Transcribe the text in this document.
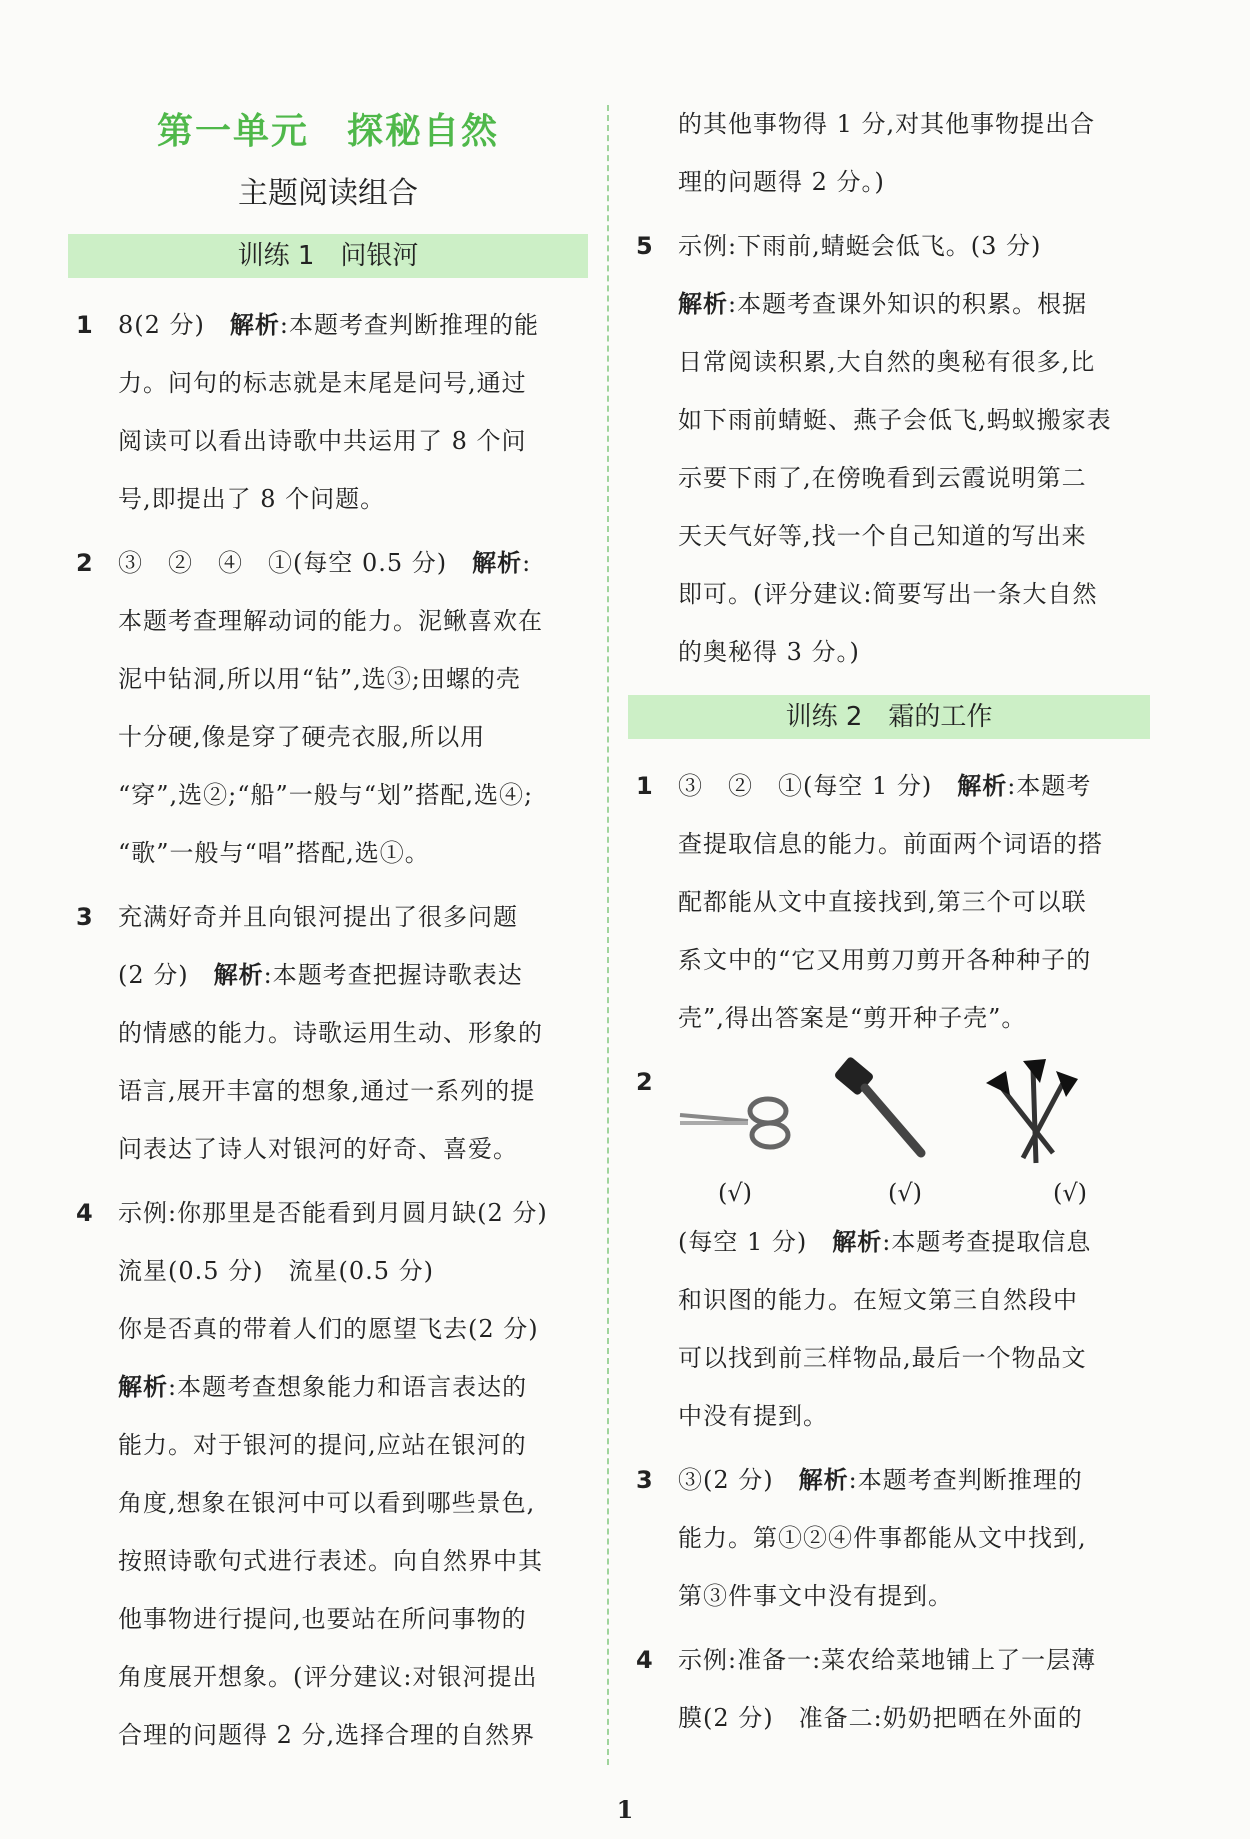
第一单元　探秘自然
主题阅读组合
训练 1　问银河
1 8(2 分)　解析:本题考查判断推理的能
力。问句的标志就是末尾是问号,通过
阅读可以看出诗歌中共运用了 8 个问
号,即提出了 8 个问题。
2 ③　②　④　①(每空 0.5 分)　解析:
本题考查理解动词的能力。泥鳅喜欢在
泥中钻洞,所以用“钻”,选③;田螺的壳
十分硬,像是穿了硬壳衣服,所以用
“穿”,选②;“船”一般与“划”搭配,选④;
“歌”一般与“唱”搭配,选①。
3 充满好奇并且向银河提出了很多问题
(2 分)　解析:本题考查把握诗歌表达
的情感的能力。诗歌运用生动、形象的
语言,展开丰富的想象,通过一系列的提
问表达了诗人对银河的好奇、喜爱。
4 示例:你那里是否能看到月圆月缺(2 分)
流星(0.5 分)　流星(0.5 分)
你是否真的带着人们的愿望飞去(2 分)
解析:本题考查想象能力和语言表达的
能力。对于银河的提问,应站在银河的
角度,想象在银河中可以看到哪些景色,
按照诗歌句式进行表述。向自然界中其
他事物进行提问,也要站在所问事物的
角度展开想象。(评分建议:对银河提出
合理的问题得 2 分,选择合理的自然界
的其他事物得 1 分,对其他事物提出合
理的问题得 2 分。)
5 示例:下雨前,蜻蜓会低飞。(3 分)
解析:本题考查课外知识的积累。根据
日常阅读积累,大自然的奥秘有很多,比
如下雨前蜻蜓、燕子会低飞,蚂蚁搬家表
示要下雨了,在傍晚看到云霞说明第二
天天气好等,找一个自己知道的写出来
即可。(评分建议:简要写出一条大自然
的奥秘得 3 分。)
训练 2　霜的工作
1 ③　②　①(每空 1 分)　解析:本题考
查提取信息的能力。前面两个词语的搭
配都能从文中直接找到,第三个可以联
系文中的“它又用剪刀剪开各种种子的
壳”,得出答案是“剪开种子壳”。
2
(√)	(√)	(√)
(每空 1 分)　解析:本题考查提取信息
和识图的能力。在短文第三自然段中
可以找到前三样物品,最后一个物品文
中没有提到。
3 ③(2 分)　解析:本题考查判断推理的
能力。第①②④件事都能从文中找到,
第③件事文中没有提到。
4 示例:准备一:菜农给菜地铺上了一层薄
膜(2 分)　准备二:奶奶把晒在外面的
1
